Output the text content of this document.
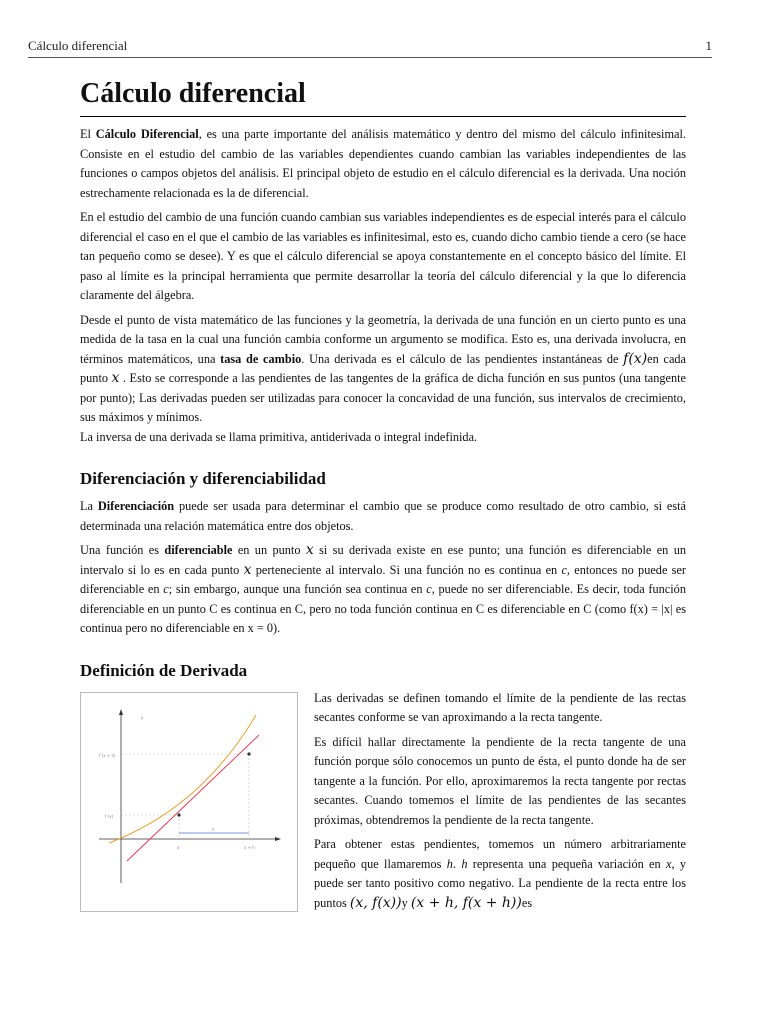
Cálculo diferencial	1
Cálculo diferencial

El Cálculo Diferencial, es una parte importante del análisis matemático y dentro del mismo del cálculo infinitesimal. Consiste en el estudio del cambio de las variables dependientes cuando cambian las variables independientes de las funciones o campos objetos del análisis. El principal objeto de estudio en el cálculo diferencial es la derivada. Una noción estrechamente relacionada es la de diferencial.

En el estudio del cambio de una función cuando cambian sus variables independientes es de especial interés para el cálculo diferencial el caso en el que el cambio de las variables es infinitesimal, esto es, cuando dicho cambio tiende a cero (se hace tan pequeño como se desee). Y es que el cálculo diferencial se apoya constantemente en el concepto básico del límite. El paso al límite es la principal herramienta que permite desarrollar la teoría del cálculo diferencial y la que lo diferencia claramente del álgebra.

Desde el punto de vista matemático de las funciones y la geometría, la derivada de una función en un cierto punto es una medida de la tasa en la cual una función cambia conforme un argumento se modifica. Esto es, una derivada involucra, en términos matemáticos, una tasa de cambio. Una derivada es el cálculo de las pendientes instantáneas de f(x)en cada punto x . Esto se corresponde a las pendientes de las tangentes de la gráfica de dicha función en sus puntos (una tangente por punto); Las derivadas pueden ser utilizadas para conocer la concavidad de una función, sus intervalos de crecimiento, sus máximos y mínimos.
La inversa de una derivada se llama primitiva, antiderivada o integral indefinida.

Diferenciación y diferenciabilidad

La Diferenciación puede ser usada para determinar el cambio que se produce como resultado de otro cambio, si está determinada una relación matemática entre dos objetos.

Una función es diferenciable en un punto x si su derivada existe en ese punto; una función es diferenciable en un intervalo si lo es en cada punto x perteneciente al intervalo. Si una función no es continua en c, entonces no puede ser diferenciable en c; sin embargo, aunque una función sea continua en c, puede no ser diferenciable. Es decir, toda función diferenciable en un punto C es continua en C, pero no toda función continua en C es diferenciable en C (como f(x) = |x| es continua pero no diferenciable en x = 0).

Definición de Derivada
y
f (x + h)
f (x)
h
x	x + h

Las derivadas se definen tomando el límite de la pendiente de las rectas secantes conforme se van aproximando a la recta tangente.

Es difícil hallar directamente la pendiente de la recta tangente de una función porque sólo conocemos un punto de ésta, el punto donde ha de ser tangente a la función. Por ello, aproximaremos la recta tangente por rectas secantes. Cuando tomemos el límite de las pendientes de las secantes próximas, obtendremos la pendiente de la recta tangente.

Para obtener estas pendientes, tomemos un número arbitrariamente pequeño que llamaremos h. h representa una pequeña variación en x, y puede ser tanto positivo como negativo. La pendiente de la recta entre los puntos (x, f(x))y (x + h, f(x + h))es
